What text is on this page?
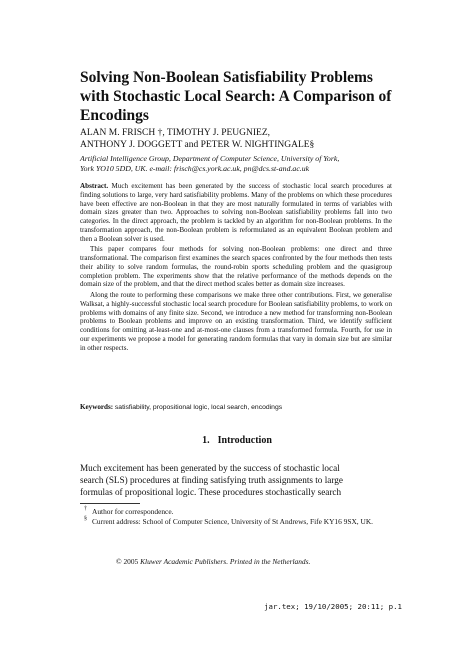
Solving Non-Boolean Satisfiability Problems
with Stochastic Local Search: A Comparison of
Encodings
ALAN M. FRISCH †, TIMOTHY J. PEUGNIEZ,
ANTHONY J. DOGGETT and PETER W. NIGHTINGALE§
Artificial Intelligence Group, Department of Computer Science, University of York,
York YO10 5DD, UK. e-mail: frisch@cs.york.ac.uk, pn@dcs.st-and.ac.uk

Abstract. Much excitement has been generated by the success of stochastic local search procedures at finding solutions to large, very hard satisfiability problems. Many of the problems on which these procedures have been effective are non-Boolean in that they are most naturally formulated in terms of variables with domain sizes greater than two. Approaches to solving non-Boolean satisfiability problems fall into two categories. In the direct approach, the problem is tackled by an algorithm for non-Boolean problems. In the transformation approach, the non-Boolean problem is reformulated as an equivalent Boolean problem and then a Boolean solver is used.

This paper compares four methods for solving non-Boolean problems: one direct and three transformational. The comparison first examines the search spaces confronted by the four methods then tests their ability to solve random formulas, the round-robin sports scheduling problem and the quasigroup completion problem. The experiments show that the relative performance of the methods depends on the domain size of the problem, and that the direct method scales better as domain size increases.

Along the route to performing these comparisons we make three other contributions. First, we generalise Walksat, a highly-successful stochastic local search procedure for Boolean satisfiability problems, to work on problems with domains of any finite size. Second, we introduce a new method for transforming non-Boolean problems to Boolean problems and improve on an existing transformation. Third, we identify sufficient conditions for omitting at-least-one and at-most-one clauses from a transformed formula. Fourth, for use in our experiments we propose a model for generating random formulas that vary in domain size but are similar in other respects.

Keywords: satisfiability, propositional logic, local search, encodings
1. Introduction
Much excitement has been generated by the success of stochastic local
search (SLS) procedures at finding satisfying truth assignments to large
formulas of propositional logic. These procedures stochastically search
† Author for correspondence.
§ Current address: School of Computer Science, University of St Andrews, Fife KY16 9SX, UK.
© 2005 Kluwer Academic Publishers. Printed in the Netherlands.
jar.tex; 19/10/2005; 20:11; p.1
